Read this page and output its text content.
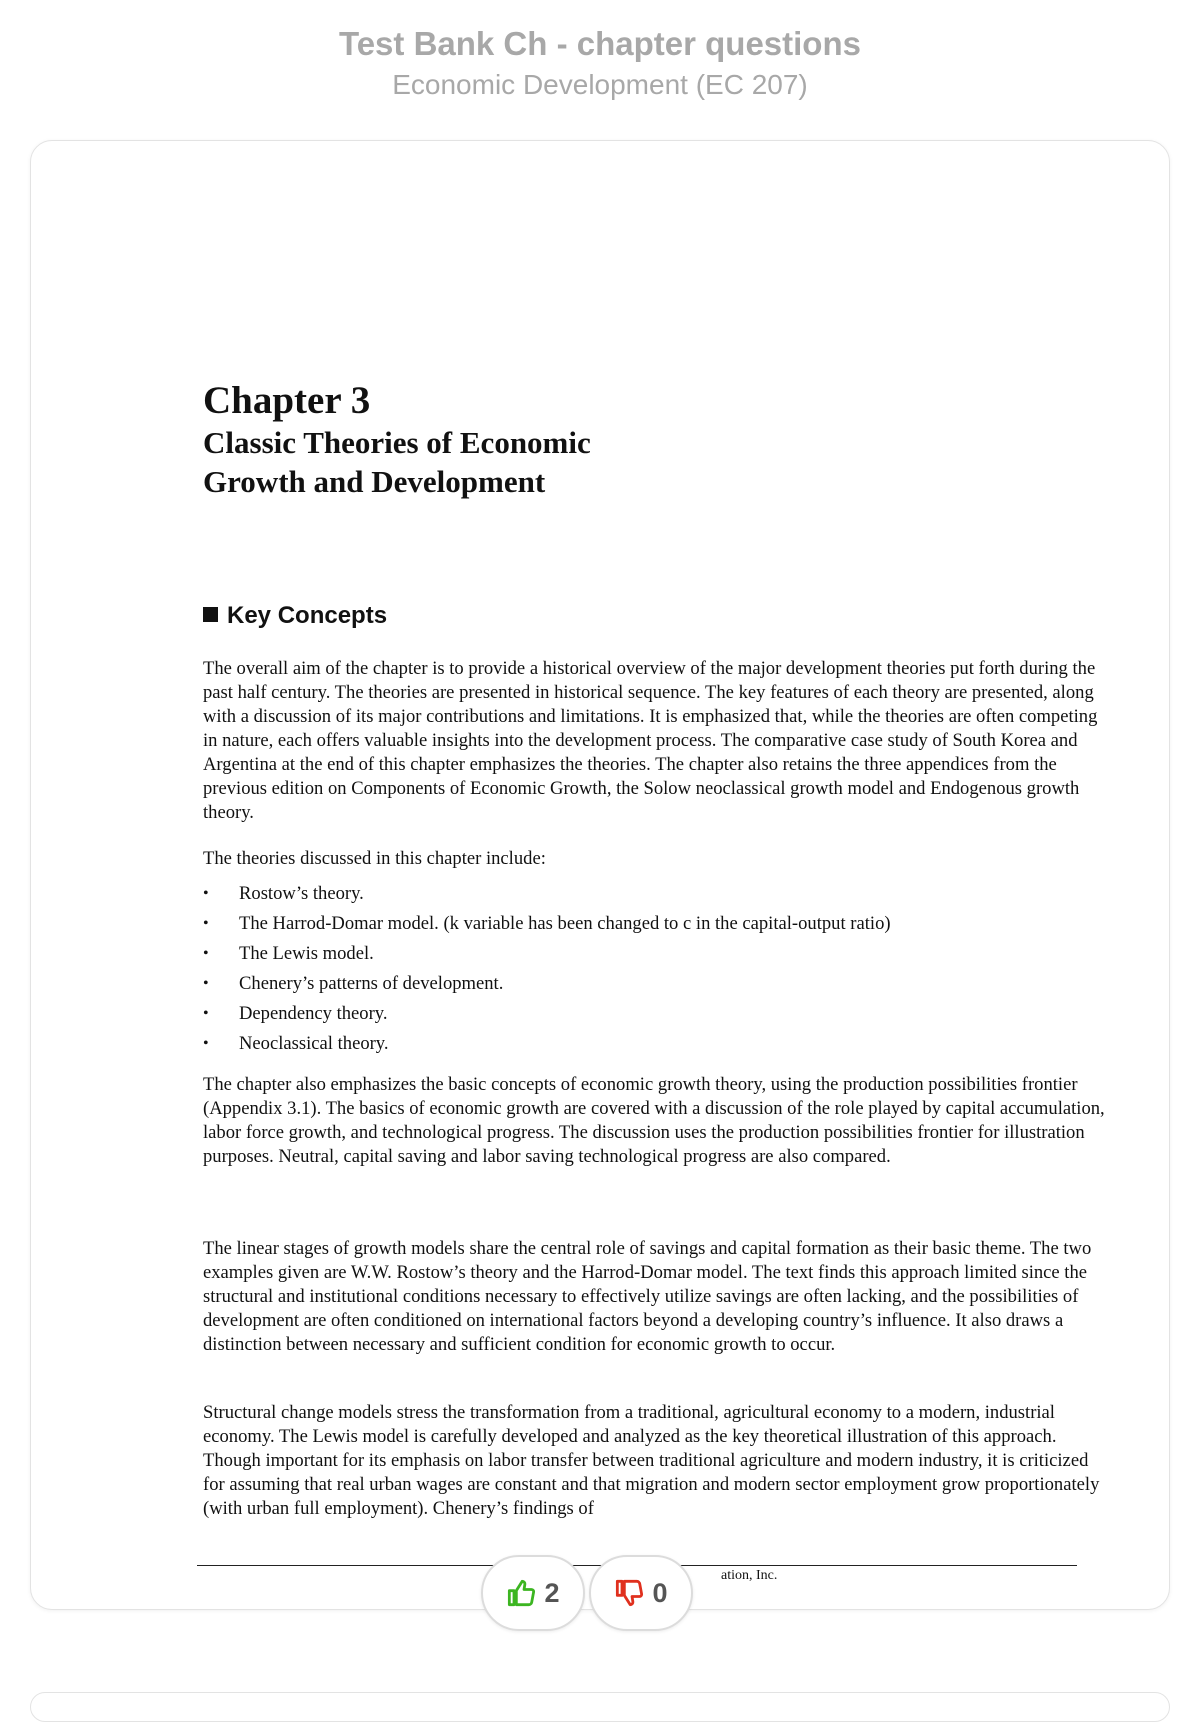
Test Bank Ch - chapter questions
Economic Development (EC 207)
Chapter 3
Classic Theories of Economic
Growth and Development
Key Concepts

The overall aim of the chapter is to provide a historical overview of the major development theories put forth during the past half century. The theories are presented in historical sequence. The key features of each theory are presented, along with a discussion of its major contributions and limitations. It is emphasized that, while the theories are often competing in nature, each offers valuable insights into the development process. The comparative case study of South Korea and Argentina at the end of this chapter emphasizes the theories. The chapter also retains the three appendices from the previous edition on Components of Economic Growth, the Solow neoclassical growth model and Endogenous growth theory.

The theories discussed in this chapter include:

• Rostow’s theory.
• The Harrod-Domar model. (k variable has been changed to c in the capital-output ratio)
• The Lewis model.
• Chenery’s patterns of development.
• Dependency theory.
• Neoclassical theory.

The chapter also emphasizes the basic concepts of economic growth theory, using the production possibilities frontier (Appendix 3.1). The basics of economic growth are covered with a discussion of the role played by capital accumulation, labor force growth, and technological progress. The discussion uses the production possibilities frontier for illustration purposes. Neutral, capital saving and labor saving technological progress are also compared.

The linear stages of growth models share the central role of savings and capital formation as their basic theme. The two examples given are W.W. Rostow’s theory and the Harrod-Domar model. The text finds this approach limited since the structural and institutional conditions necessary to effectively utilize savings are often lacking, and the possibilities of development are often conditioned on international factors beyond a developing country’s influence. It also draws a distinction between necessary and sufficient condition for economic growth to occur.

Structural change models stress the transformation from a traditional, agricultural economy to a modern, industrial economy. The Lewis model is carefully developed and analyzed as the key theoretical illustration of this approach. Though important for its emphasis on labor transfer between traditional agriculture and modern industry, it is criticized for assuming that real urban wages are constant and that migration and modern sector employment grow proportionately (with urban full employment). Chenery’s findings of

ation, Inc.

2	0
